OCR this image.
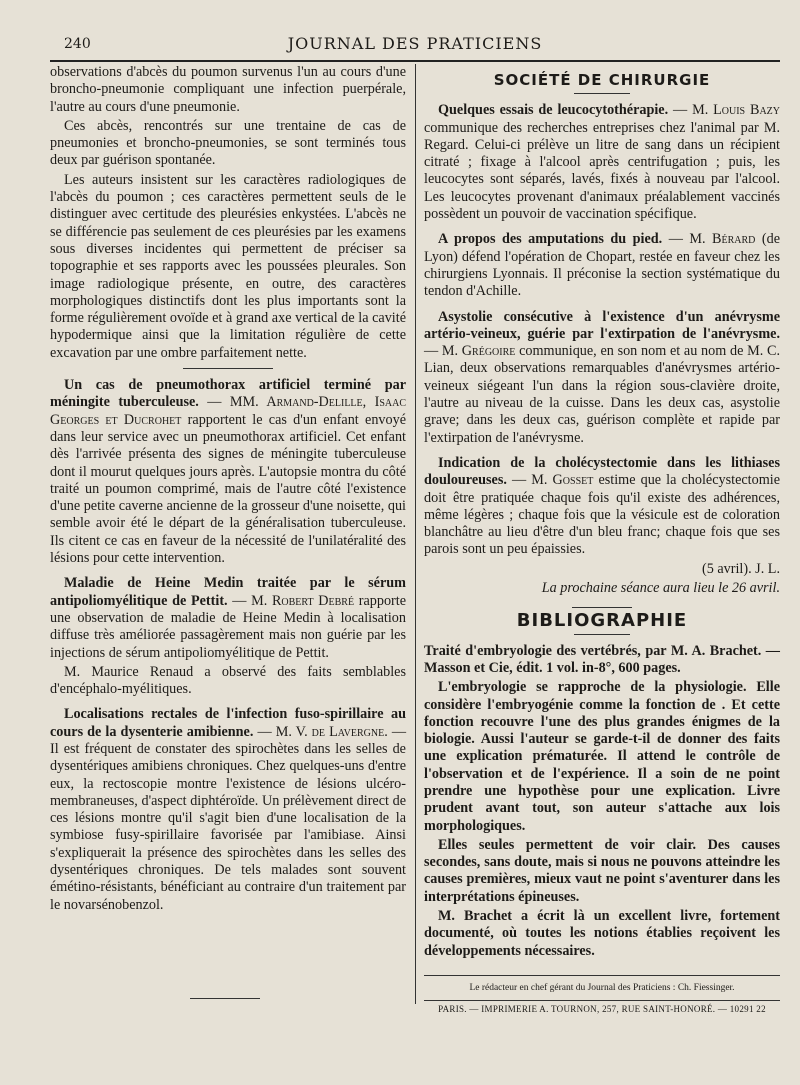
240	JOURNAL DES PRATICIENS

observations d'abcès du poumon survenus l'un au cours d'une broncho-pneumonie compliquant une infection puerpérale, l'autre au cours d'une pneumonie.

Ces abcès, rencontrés sur une trentaine de cas de pneumonies et broncho-pneumonies, se sont terminés tous deux par guérison spontanée.

Les auteurs insistent sur les caractères radiologiques de l'abcès du poumon ; ces caractères permettent seuls de le distinguer avec certitude des pleurésies enkystées. L'abcès ne se différencie pas seulement de ces pleurésies par les examens sous diverses incidentes qui permettent de préciser sa topographie et ses rapports avec les poussées pleurales. Son image radiologique présente, en outre, des caractères morphologiques distinctifs dont les plus importants sont la forme régulièrement ovoïde et à grand axe vertical de la cavité hypodermique ainsi que la limitation régulière de cette excavation par une ombre parfaitement nette.

Un cas de pneumothorax artificiel terminé par méningite tuberculeuse. — MM. Armand-Delille, Isaac Georges et Ducrohet rapportent le cas d'un enfant envoyé dans leur service avec un pneumothorax artificiel. Cet enfant dès l'arrivée présenta des signes de méningite tuberculeuse dont il mourut quelques jours après. L'autopsie montra du côté traité un poumon comprimé, mais de l'autre côté l'existence d'une petite caverne ancienne de la grosseur d'une noisette, qui semble avoir été le départ de la généralisation tuberculeuse. Ils citent ce cas en faveur de la nécessité de l'unilatéralité des lésions pour cette intervention.

Maladie de Heine Medin traitée par le sérum antipoliomyélitique de Pettit. — M. Robert Debré rapporte une observation de maladie de Heine Medin à localisation diffuse très améliorée passagèrement mais non guérie par les injections de sérum antipoliomyélitique de Pettit.

M. Maurice Renaud a observé des faits semblables d'encéphalo-myélitiques.

Localisations rectales de l'infection fuso-spirillaire au cours de la dysenterie amibienne. — M. V. de Lavergne. — Il est fréquent de constater des spirochètes dans les selles de dysentériques amibiens chroniques. Chez quelques-uns d'entre eux, la rectoscopie montre l'existence de lésions ulcéro-membraneuses, d'aspect diphtéroïde. Un prélèvement direct de ces lésions montre qu'il s'agit bien d'une localisation de la symbiose fusy-spirillaire favorisée par l'amibiase. Ainsi s'expliquerait la présence des spirochètes dans les selles des dysentériques chroniques. De tels malades sont souvent émétino-résistants, bénéficiant au contraire d'un traitement par le novarsénobenzol.

SOCIÉTÉ DE CHIRURGIE

Quelques essais de leucocytothérapie. — M. Louis Bazy communique des recherches entreprises chez l'animal par M. Regard. Celui-ci prélève un litre de sang dans un récipient citraté ; fixage à l'alcool après centrifugation ; puis, les leucocytes sont séparés, lavés, fixés à nouveau par l'alcool. Les leucocytes provenant d'animaux préalablement vaccinés possèdent un pouvoir de vaccination spécifique.

A propos des amputations du pied. — M. Bérard (de Lyon) défend l'opération de Chopart, restée en faveur chez les chirurgiens Lyonnais. Il préconise la section systématique du tendon d'Achille.

Asystolie consécutive à l'existence d'un anévrysme artério-veineux, guérie par l'extirpation de l'anévrysme. — M. Grégoire communique, en son nom et au nom de M. C. Lian, deux observations remarquables d'anévrysmes artério-veineux siégeant l'un dans la région sous-clavière droite, l'autre au niveau de la cuisse. Dans les deux cas, asystolie grave; dans les deux cas, guérison complète et rapide par l'extirpation de l'anévrysme.

Indication de la cholécystectomie dans les lithiases douloureuses. — M. Gosset estime que la cholécystectomie doit être pratiquée chaque fois qu'il existe des adhérences, même légères ; chaque fois que la vésicule est de coloration blanchâtre au lieu d'être d'un bleu franc; chaque fois que ses parois sont un peu épaissies.

(5 avril). J. L.
La prochaine séance aura lieu le 26 avril.
BIBLIOGRAPHIE

Traité d'embryologie des vertébrés, par M. A. Brachet. — Masson et Cie, édit. 1 vol. in-8°, 600 pages.

L'embryologie se rapproche de la physiologie. Elle considère l'embryogénie comme la fonction de . Et cette fonction recouvre l'une des plus grandes énigmes de la biologie. Aussi l'auteur se garde-t-il de donner des faits une explication prématurée. Il attend le contrôle de l'observation et de l'expérience. Il a soin de ne point prendre une hypothèse pour une explication. Livre prudent avant tout, son auteur s'attache aux lois morphologiques.

Elles seules permettent de voir clair. Des causes secondes, sans doute, mais si nous ne pouvons atteindre les causes premières, mieux vaut ne point s'aventurer dans les interprétations épineuses.

M. Brachet a écrit là un excellent livre, fortement documenté, où toutes les notions établies reçoivent les développements nécessaires.

Le rédacteur en chef gérant du Journal des Praticiens : Ch. Fiessinger.
PARIS. — IMPRIMERIE A. TOURNON, 257, RUE SAINT-HONORÉ. — 10291 22
